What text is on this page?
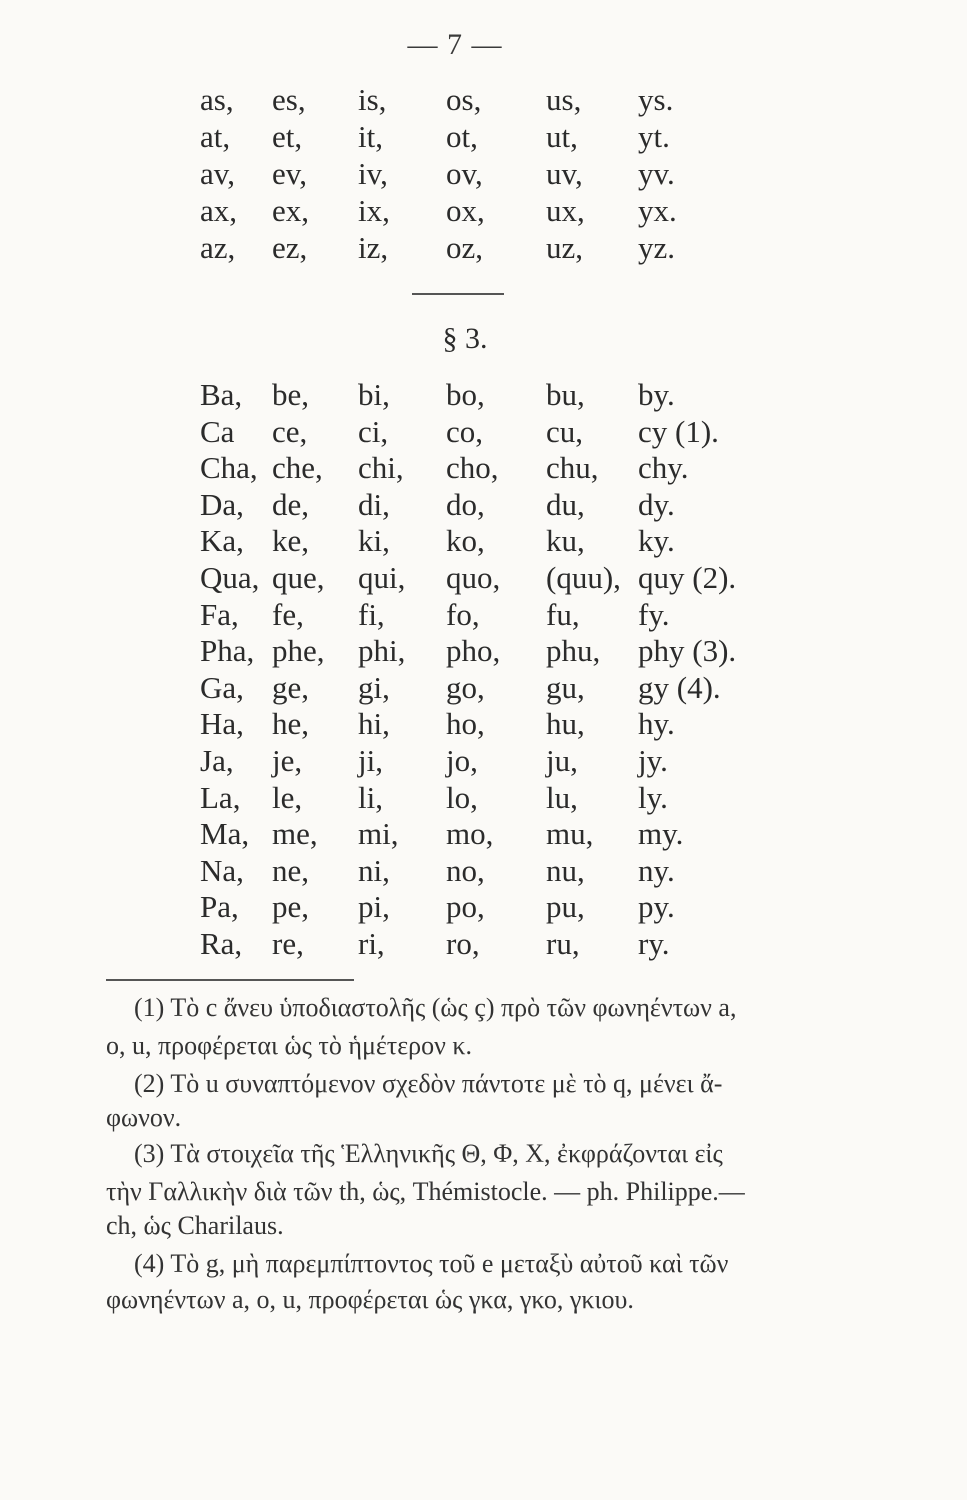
— 7 —
as, es, is, os, us, ys.
at, et, it, ot, ut, yt.
av, ev, iv, ov, uv, yv.
ax, ex, ix, ox, ux, yx.
az, ez, iz, oz, uz, yz.
§ 3.
Ba, be, bi, bo, bu, by.
Ca ce, ci, co, cu, cy (1).
Cha, che, chi, cho, chu, chy.
Da, de, di, do, du, dy.
Ka, ke, ki, ko, ku, ky.
Qua, que, qui, quo, (quu), quy (2).
Fa, fe, fi, fo, fu, fy.
Pha, phe, phi, pho, phu, phy (3).
Ga, ge, gi, go, gu, gy (4).
Ha, he, hi, ho, hu, hy.
Ja, je, ji, jo, ju, jy.
La, le, li, lo, lu, ly.
Ma, me, mi, mo, mu, my.
Na, ne, ni, no, nu, ny.
Pa, pe, pi, po, pu, py.
Ra, re, ri, ro, ru, ry.
(1) Τὸ c ἄνευ ὑποδιαστολῆς (ὡς ç) πρὸ τῶν φωνηέντων a,
o, u, προφέρεται ὡς τὸ ἡμέτερον κ.
(2) Τὸ u συναπτόμενον σχεδὸν πάντοτε μὲ τὸ q, μένει ἄ-
φωνον.
(3) Τὰ στοιχεῖα τῆς Ἑλληνικῆς Θ, Φ, Χ, ἐκφράζονται εἰς
τὴν Γαλλικὴν διὰ τῶν th, ὡς, Thémistocle. — ph. Philippe.—
ch, ὡς Charilaus.
(4) Τὸ g, μὴ παρεμπίπτοντος τοῦ e μεταξὺ αὐτοῦ καὶ τῶν
φωνηέντων a, o, u, προφέρεται ὡς γκα, γκο, γκιου.
